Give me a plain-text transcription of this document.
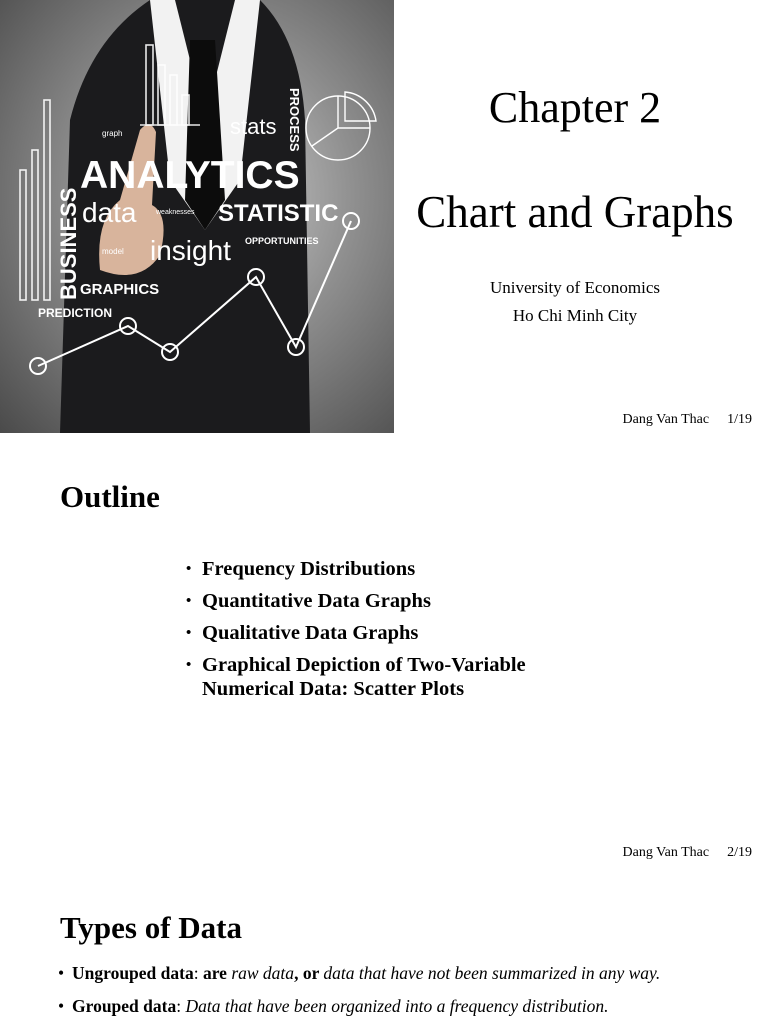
ANALYTICS
BUSINESS data
stats PROCESS
STATISTIC
insight
GRAPHICS
PREDICTION
OPPORTUNITIES
weaknesses
graph
model
Chapter 2
Chart and Graphs
University of Economics
Ho Chi Minh City
Dang Van Thac 1/19
Outline
• Frequency Distributions
• Quantitative Data Graphs
• Qualitative Data Graphs
• Graphical Depiction of Two-Variable Numerical Data: Scatter Plots
Dang Van Thac 2/19
Types of Data
• Ungrouped data: are raw data, or data that have not been summarized in any way.
• Grouped data: Data that have been organized into a frequency distribution.
